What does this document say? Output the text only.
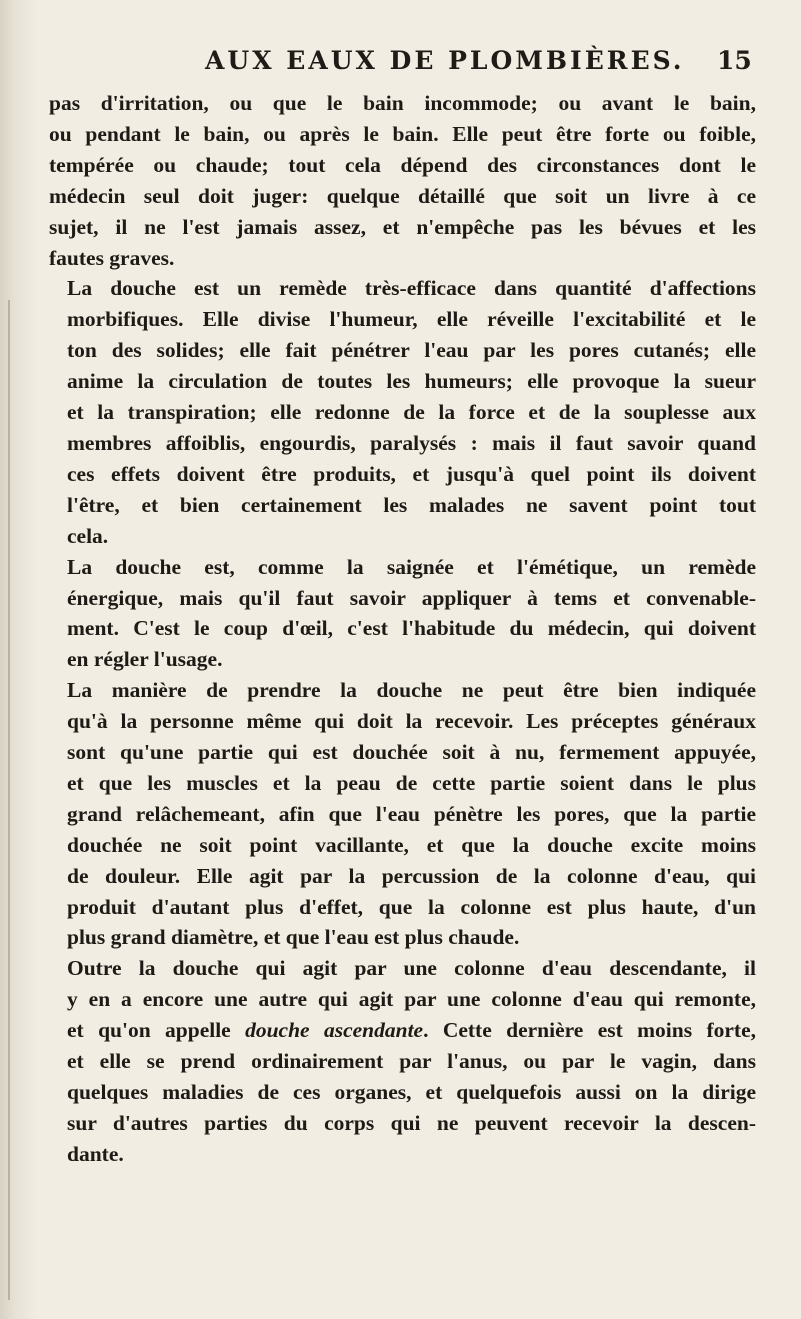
AUX EAUX DE PLOMBIÈRES. 15

pas d'irritation, ou que le bain incommode; ou avant le bain,
ou pendant le bain, ou après le bain. Elle peut être forte ou foible,
tempérée ou chaude; tout cela dépend des circonstances dont le
médecin seul doit juger: quelque détaillé que soit un livre à ce
sujet, il ne l'est jamais assez, et n'empêche pas les bévues et les
fautes graves.

La douche est un remède très-efficace dans quantité d'affections
morbifiques. Elle divise l'humeur, elle réveille l'excitabilité et le
ton des solides; elle fait pénétrer l'eau par les pores cutanés; elle
anime la circulation de toutes les humeurs; elle provoque la sueur
et la transpiration; elle redonne de la force et de la souplesse aux
membres affoiblis, engourdis, paralysés : mais il faut savoir quand
ces effets doivent être produits, et jusqu'à quel point ils doivent
l'être, et bien certainement les malades ne savent point tout
cela.

La douche est, comme la saignée et l'émétique, un remède
énergique, mais qu'il faut savoir appliquer à tems et convenable-
ment. C'est le coup d'œil, c'est l'habitude du médecin, qui doivent
en régler l'usage.

La manière de prendre la douche ne peut être bien indiquée
qu'à la personne même qui doit la recevoir. Les préceptes généraux
sont qu'une partie qui est douchée soit à nu, fermement appuyée,
et que les muscles et la peau de cette partie soient dans le plus
grand relâchemeant, afin que l'eau pénètre les pores, que la partie
douchée ne soit point vacillante, et que la douche excite moins
de douleur. Elle agit par la percussion de la colonne d'eau, qui
produit d'autant plus d'effet, que la colonne est plus haute, d'un
plus grand diamètre, et que l'eau est plus chaude.

Outre la douche qui agit par une colonne d'eau descendante, il
y en a encore une autre qui agit par une colonne d'eau qui remonte,
et qu'on appelle douche ascendante. Cette dernière est moins forte,
et elle se prend ordinairement par l'anus, ou par le vagin, dans
quelques maladies de ces organes, et quelquefois aussi on la dirige
sur d'autres parties du corps qui ne peuvent recevoir la descen-
dante.
